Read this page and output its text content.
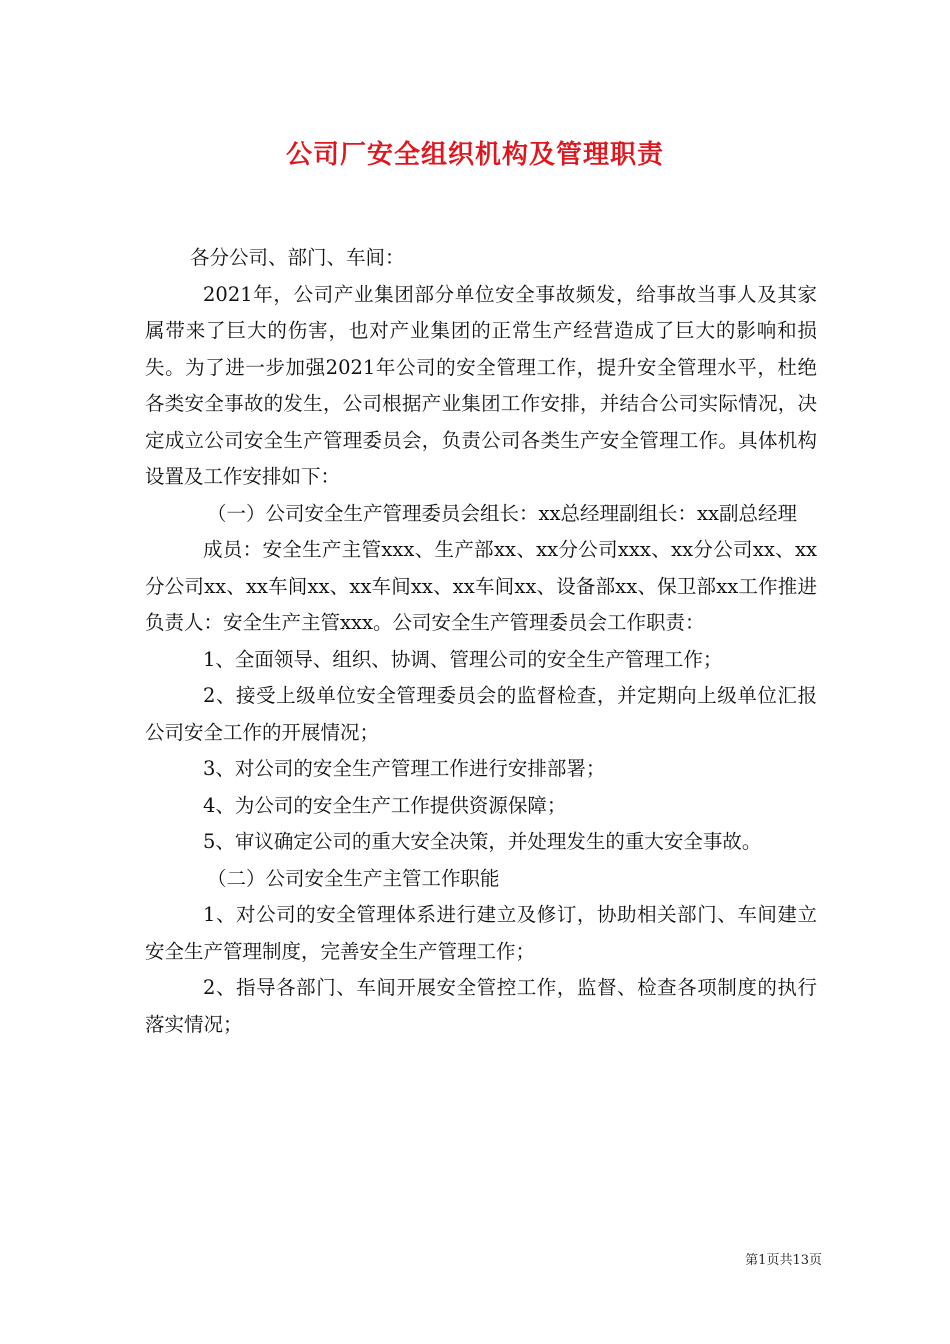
公司厂安全组织机构及管理职责

各分公司、部门、车间：

2021年，公司产业集团部分单位安全事故频发，给事故当事人及其家属带来了巨大的伤害，也对产业集团的正常生产经营造成了巨大的影响和损失。为了进一步加强2021年公司的安全管理工作，提升安全管理水平，杜绝各类安全事故的发生，公司根据产业集团工作安排，并结合公司实际情况，决定成立公司安全生产管理委员会，负责公司各类生产安全管理工作。具体机构设置及工作安排如下：

（一）公司安全生产管理委员会组长：xx总经理副组长：xx副总经理

成员：安全生产主管xxx、生产部xx、xx分公司xxx、xx分公司xx、xx分公司xx、xx车间xx、xx车间xx、xx车间xx、设备部xx、保卫部xx工作推进负责人：安全生产主管xxx。公司安全生产管理委员会工作职责：

1、全面领导、组织、协调、管理公司的安全生产管理工作；

2、接受上级单位安全管理委员会的监督检查，并定期向上级单位汇报公司安全工作的开展情况；

3、对公司的安全生产管理工作进行安排部署；

4、为公司的安全生产工作提供资源保障；

5、审议确定公司的重大安全决策，并处理发生的重大安全事故。

（二）公司安全生产主管工作职能

1、对公司的安全管理体系进行建立及修订，协助相关部门、车间建立安全生产管理制度，完善安全生产管理工作；

2、指导各部门、车间开展安全管控工作，监督、检查各项制度的执行落实情况；

第1页共13页
